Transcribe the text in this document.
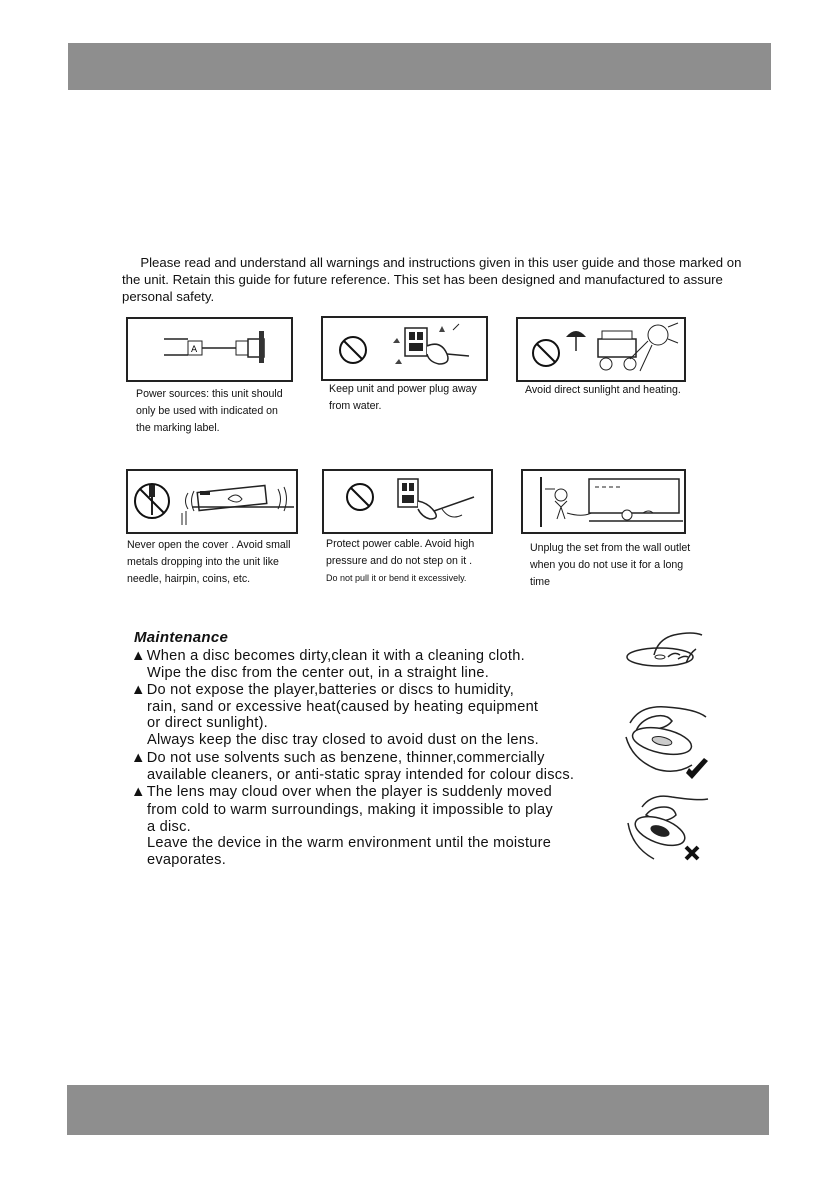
Please read and understand all warnings and instructions given in this user guide and those marked on the unit. Retain this guide for future reference. This set has been designed and manufactured to assure personal safety.
A
Power sources: this unit should
only be used with indicated on
the marking label.
Keep unit and power plug away
from water.
Avoid direct sunlight and heating.
Never open the cover . Avoid small
metals dropping into the unit like
needle, hairpin, coins, etc.
Protect power cable. Avoid high
pressure and do not step on it .
Do not pull it or bend it excessively.
Unplug the set from the wall outlet
when you do not use it for a long
time
Maintenance
▲When a disc becomes dirty,clean it with a cleaning cloth.
Wipe the disc from the center out, in a straight line.
▲Do not expose the player,batteries or discs to humidity,
rain, sand or excessive heat(caused by heating equipment
or direct sunlight).
Always keep the disc tray closed to avoid dust on the lens.
▲Do not use solvents such as benzene, thinner,commercially
available cleaners, or anti-static spray intended for colour discs.
▲The lens may cloud over when the player is suddenly moved
from cold to warm surroundings, making it impossible to play
a disc.
Leave the device in the warm environment until the moisture
evaporates.
